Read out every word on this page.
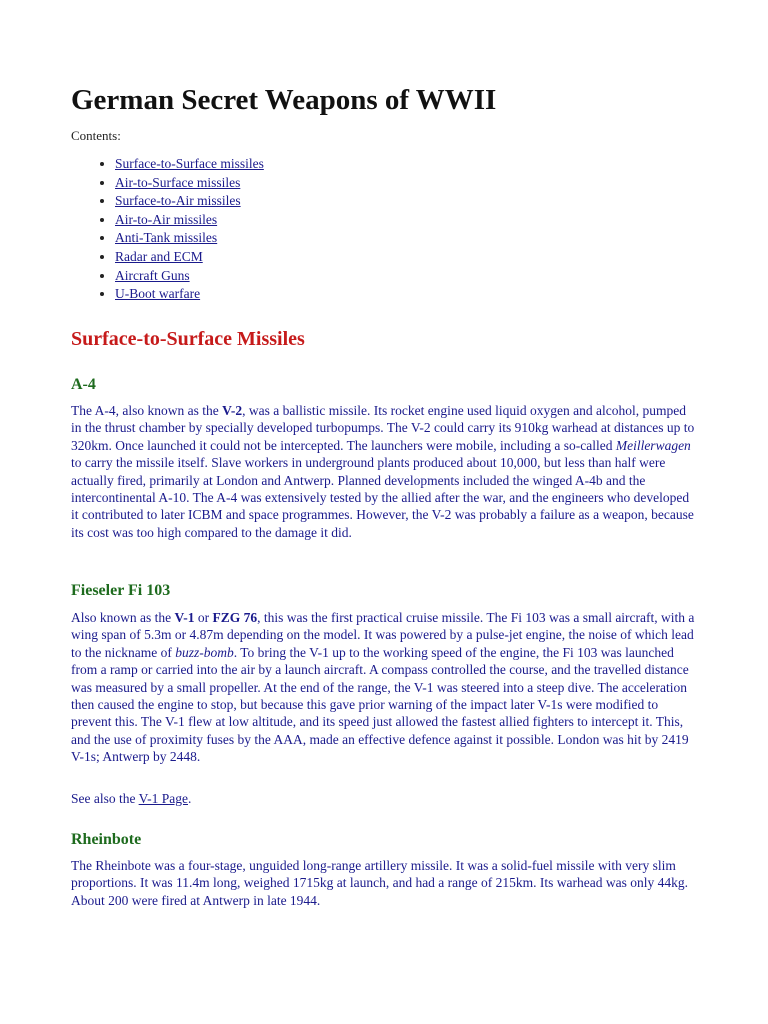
German Secret Weapons of WWII
Contents:
• Surface-to-Surface missiles
• Air-to-Surface missiles
• Surface-to-Air missiles
• Air-to-Air missiles
• Anti-Tank missiles
• Radar and ECM
• Aircraft Guns
• U-Boot warfare
Surface-to-Surface Missiles
A-4

The A-4, also known as the V-2, was a ballistic missile. Its rocket engine used liquid oxygen and alcohol, pumped in the thrust chamber by specially developed turbopumps. The V-2 could carry its 910kg warhead at distances up to 320km. Once launched it could not be intercepted. The launchers were mobile, including a so-called Meillerwagen to carry the missile itself. Slave workers in underground plants produced about 10,000, but less than half were actually fired, primarily at London and Antwerp. Planned developments included the winged A-4b and the intercontinental A-10. The A-4 was extensively tested by the allied after the war, and the engineers who developed it contributed to later ICBM and space programmes. However, the V-2 was probably a failure as a weapon, because its cost was too high compared to the damage it did.

Fieseler Fi 103

Also known as the V-1 or FZG 76, this was the first practical cruise missile. The Fi 103 was a small aircraft, with a wing span of 5.3m or 4.87m depending on the model. It was powered by a pulse-jet engine, the noise of which lead to the nickname of buzz-bomb. To bring the V-1 up to the working speed of the engine, the Fi 103 was launched from a ramp or carried into the air by a launch aircraft. A compass controlled the course, and the travelled distance was measured by a small propeller. At the end of the range, the V-1 was steered into a steep dive. The acceleration then caused the engine to stop, but because this gave prior warning of the impact later V-1s were modified to prevent this. The V-1 flew at low altitude, and its speed just allowed the fastest allied fighters to intercept it. This, and the use of proximity fuses by the AAA, made an effective defence against it possible. London was hit by 2419 V-1s; Antwerp by 2448.

See also the V-1 Page.

Rheinbote

The Rheinbote was a four-stage, unguided long-range artillery missile. It was a solid-fuel missile with very slim proportions. It was 11.4m long, weighed 1715kg at launch, and had a range of 215km. Its warhead was only 44kg. About 200 were fired at Antwerp in late 1944.
